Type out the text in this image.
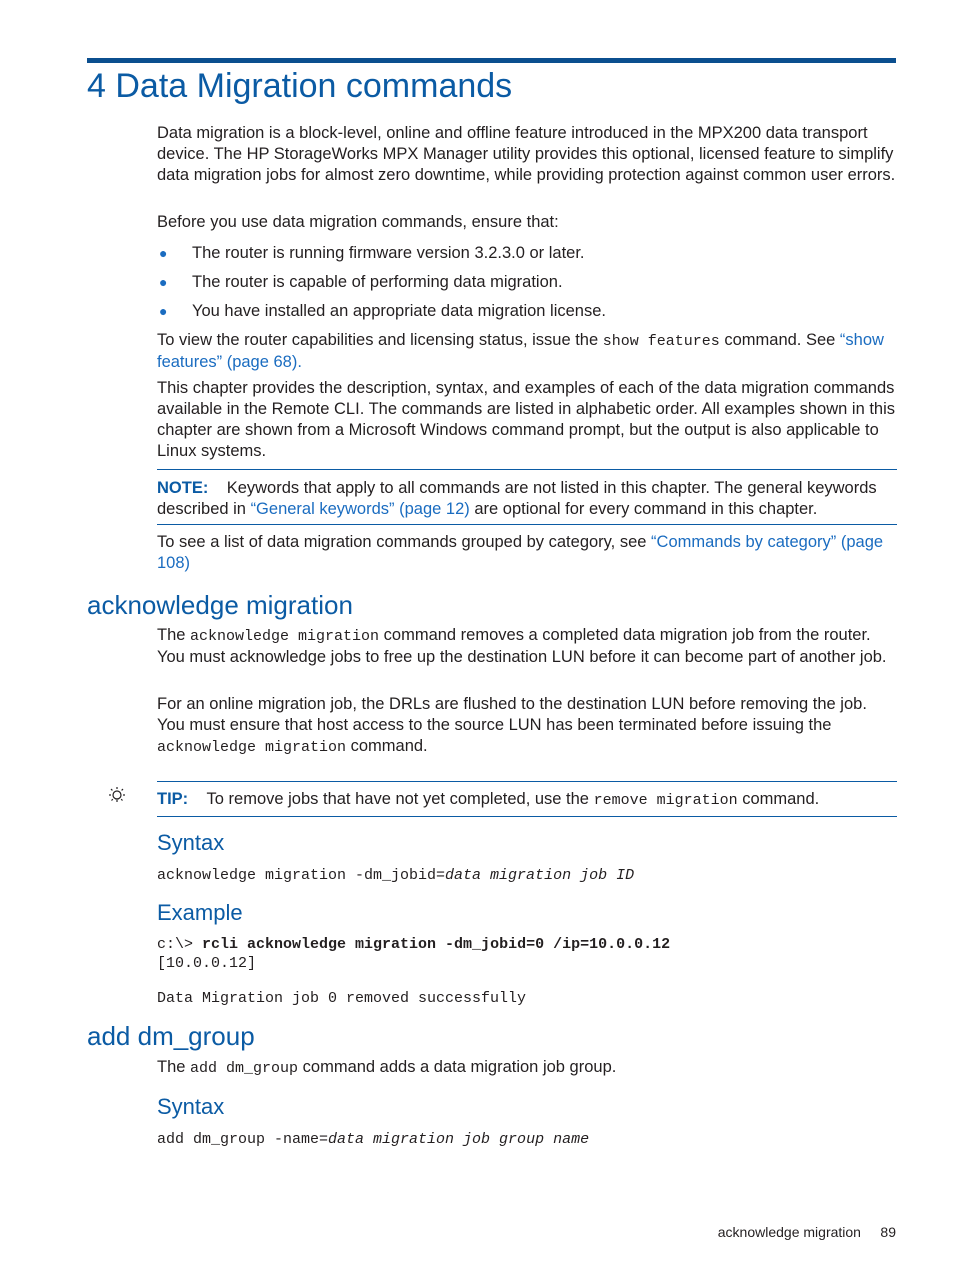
4 Data Migration commands

Data migration is a block-level, online and offline feature introduced in the MPX200 data transport device. The HP StorageWorks MPX Manager utility provides this optional, licensed feature to simplify data migration jobs for almost zero downtime, while providing protection against common user errors.

Before you use data migration commands, ensure that:

● The router is running firmware version 3.2.3.0 or later.
● The router is capable of performing data migration.
● You have installed an appropriate data migration license.

To view the router capabilities and licensing status, issue the show features command. See “show features” (page 68).

This chapter provides the description, syntax, and examples of each of the data migration commands available in the Remote CLI. The commands are listed in alphabetic order. All examples shown in this chapter are shown from a Microsoft Windows command prompt, but the output is also applicable to Linux systems.

NOTE: Keywords that apply to all commands are not listed in this chapter. The general keywords described in “General keywords” (page 12) are optional for every command in this chapter.

To see a list of data migration commands grouped by category, see “Commands by category” (page 108)

acknowledge migration

The acknowledge migration command removes a completed data migration job from the router. You must acknowledge jobs to free up the destination LUN before it can become part of another job.

For an online migration job, the DRLs are flushed to the destination LUN before removing the job. You must ensure that host access to the source LUN has been terminated before issuing the acknowledge migration command.

TIP: To remove jobs that have not yet completed, use the remove migration command.

Syntax
acknowledge migration -dm_jobid=data migration job ID
Example
c:\> rcli acknowledge migration -dm_jobid=0 /ip=10.0.0.12
[10.0.0.12]
Data Migration job 0 removed successfully
add dm_group

The add dm_group command adds a data migration job group.

Syntax
add dm_group -name=data migration job group name
acknowledge migration 89
